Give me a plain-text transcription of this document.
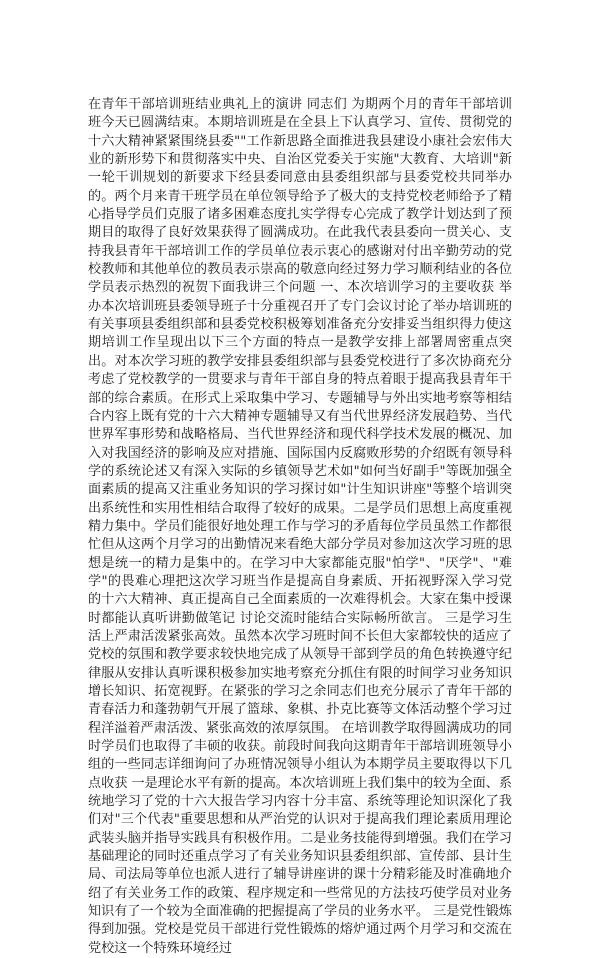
在青年干部培训班结业典礼上的演讲 同志们 为期两个月的青年干部培训班今天已圆满结束。本期培训班是在全县上下认真学习、宣传、贯彻党的十六大精神紧紧围绕县委""工作新思路全面推进我县建设小康社会宏伟大业的新形势下和贯彻落实中央、自治区党委关于实施"大教育、大培训"新一轮干训规划的新要求下经县委同意由县委组织部与县委党校共同举办的。两个月来青干班学员在单位领导给予了极大的支持党校老师给予了精心指导学员们克服了诸多困难态度扎实学得专心完成了教学计划达到了预期目的取得了良好效果获得了圆满成功。在此我代表县委向一贯关心、支持我县青年干部培训工作的学员单位表示衷心的感谢对付出辛勤劳动的党校教师和其他单位的教员表示崇高的敬意向经过努力学习顺利结业的各位学员表示热烈的祝贺下面我讲三个问题 一、本次培训学习的主要收获 举办本次培训班县委领导班子十分重视召开了专门会议讨论了举办培训班的有关事项县委组织部和县委党校积极筹划准备充分安排妥当组织得力使这期培训工作呈现出以下三个方面的特点一是教学安排上部署周密重点突出。对本次学习班的教学安排县委组织部与县委党校进行了多次协商充分考虑了党校教学的一贯要求与青年干部自身的特点着眼于提高我县青年干部的综合素质。在形式上采取集中学习、专题辅导与外出实地考察等相结合内容上既有党的十六大精神专题辅导又有当代世界经济发展趋势、当代世界军事形势和战略格局、当代世界经济和现代科学技术发展的概况、加入对我国经济的影响及应对措施、国际国内反腐败形势的介绍既有领导科学的系统论述又有深入实际的乡镇领导艺术如"如何当好副手"等既加强全面素质的提高又注重业务知识的学习探讨如"计生知识讲座"等整个培训突出系统性和实用性相结合取得了较好的成果。二是学员们思想上高度重视精力集中。学员们能很好地处理工作与学习的矛盾每位学员虽然工作都很忙但从这两个月学习的出勤情况来看绝大部分学员对参加这次学习班的思想是统一的精力是集中的。在学习中大家都能克服"怕学"、"厌学"、"难学"的畏难心理把这次学习班当作是提高自身素质、开拓视野深入学习党的十六大精神、真正提高自己全面素质的一次难得机会。大家在集中授课时都能认真听讲勤做笔记 讨论交流时能结合实际畅所欲言。 三是学习生活上严肃活泼紧张高效。虽然本次学习班时间不长但大家都较快的适应了党校的氛围和教学要求较快地完成了从领导干部到学员的角色转换遵守纪律服从安排认真听课积极参加实地考察充分抓住有限的时间学习业务知识增长知识、拓宽视野。在紧张的学习之余同志们也充分展示了青年干部的青春活力和蓬勃朝气开展了篮球、象棋、扑克比赛等文体活动整个学习过程洋溢着严肃活泼、紧张高效的浓厚氛围。 在培训教学取得圆满成功的同时学员们也取得了丰硕的收获。前段时间我向这期青年干部培训班领导小组的一些同志详细询问了办班情况领导小组认为本期学员主要取得以下几点收获 一是理论水平有新的提高。本次培训班上我们集中的较为全面、系统地学习了党的十六大报告学习内容十分丰富、系统等理论知识深化了我们对"三个代表"重要思想和从严治党的认识对于提高我们理论素质用理论武装头脑并指导实践具有积极作用。二是业务技能得到增强。我们在学习基础理论的同时还重点学习了有关业务知识县委组织部、宣传部、县计生局、司法局等单位也派人进行了辅导讲座讲的课十分精彩能及时准确地介绍了有关业务工作的政策、程序规定和一些常见的方法技巧使学员对业务知识有了一个较为全面准确的把握提高了学员的业务水平。 三是党性锻炼得到加强。党校是党员干部进行党性锻炼的熔炉通过两个月学习和交流在党校这一个特殊环境经过
